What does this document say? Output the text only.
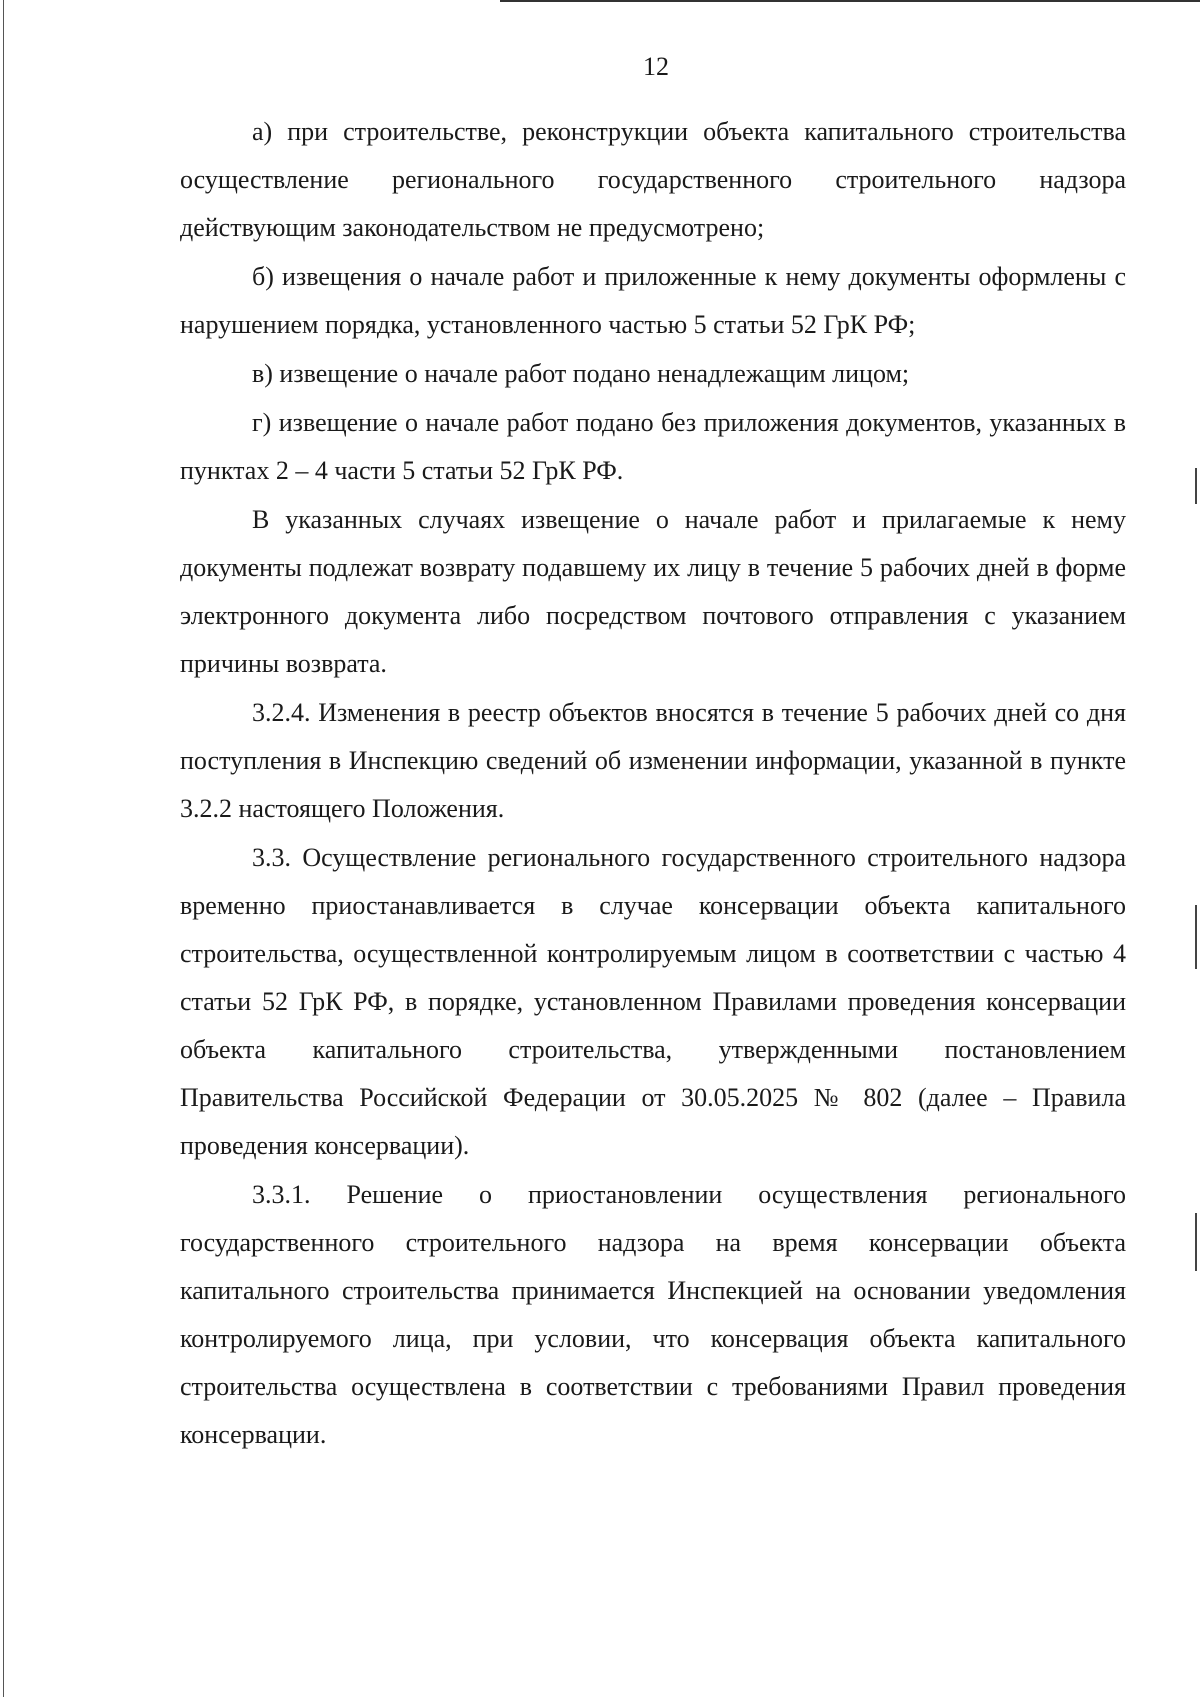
12

а) при строительстве, реконструкции объекта капитального строительства осуществление регионального государственного строительного надзора действующим законодательством не предусмотрено;

б) извещения о начале работ и приложенные к нему документы оформлены с нарушением порядка, установленного частью 5 статьи 52 ГрК РФ;

в) извещение о начале работ подано ненадлежащим лицом;

г) извещение о начале работ подано без приложения документов, указанных в пунктах 2 – 4 части 5 статьи 52 ГрК РФ.

В указанных случаях извещение о начале работ и прилагаемые к нему документы подлежат возврату подавшему их лицу в течение 5 рабочих дней в форме электронного документа либо посредством почтового отправления с указанием причины возврата.

3.2.4. Изменения в реестр объектов вносятся в течение 5 рабочих дней со дня поступления в Инспекцию сведений об изменении информации, указанной в пункте 3.2.2 настоящего Положения.

3.3. Осуществление регионального государственного строительного надзора временно приостанавливается в случае консервации объекта капитального строительства, осуществленной контролируемым лицом в соответствии с частью 4 статьи 52 ГрК РФ, в порядке, установленном Правилами проведения консервации объекта капитального строительства, утвержденными постановлением Правительства Российской Федерации от 30.05.2025 № 802 (далее – Правила проведения консервации).

3.3.1. Решение о приостановлении осуществления регионального государственного строительного надзора на время консервации объекта капитального строительства принимается Инспекцией на основании уведомления контролируемого лица, при условии, что консервация объекта капитального строительства осуществлена в соответствии с требованиями Правил проведения консервации.
